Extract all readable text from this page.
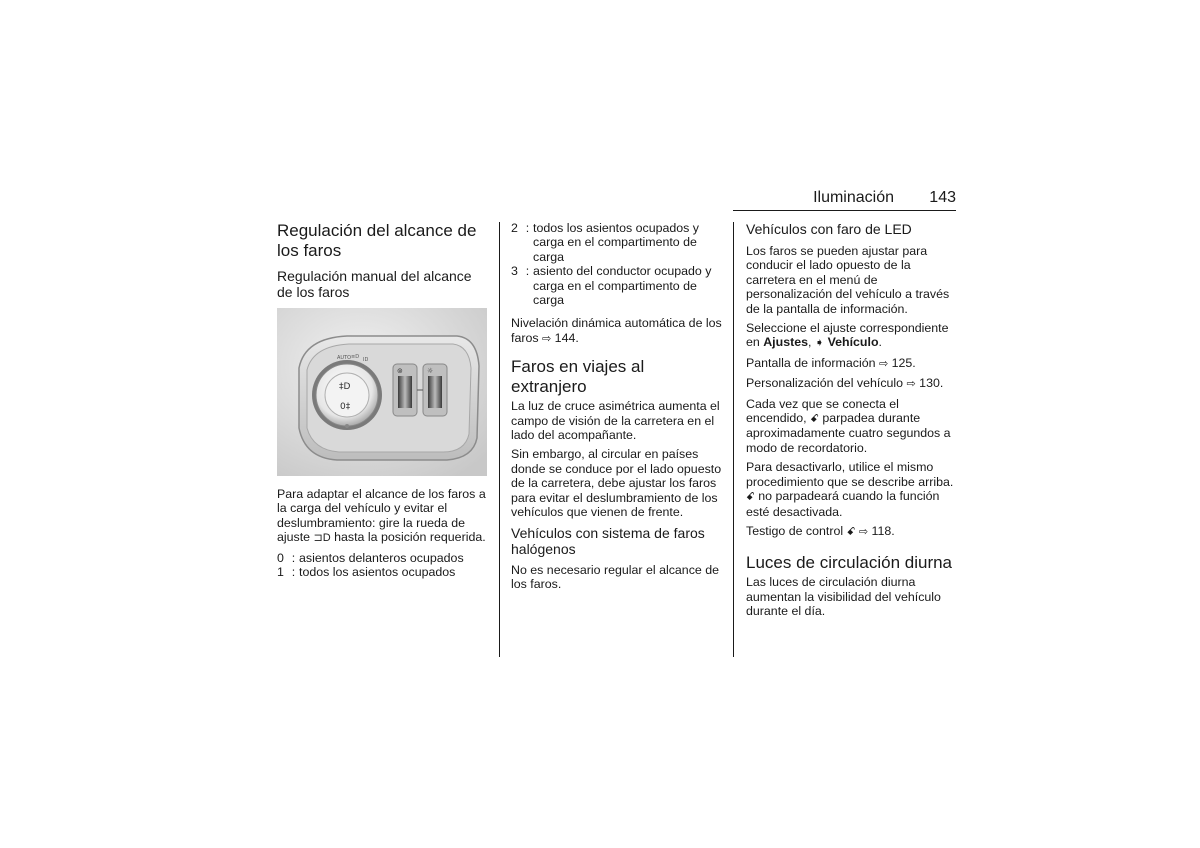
Iluminación	143
Regulación del alcance de los faros
Regulación manual del alcance de los faros
AUTO ≡D ID
‡D
0‡
⊚	☼

Para adaptar el alcance de los faros a la carga del vehículo y evitar el deslumbramiento: gire la rueda de ajuste ⊐D hasta la posición requerida.

0 : asientos delanteros ocupados
1 : todos los asientos ocupados
2 : todos los asientos ocupados y carga en el compartimento de carga
3 : asiento del conductor ocupado y carga en el compartimento de carga

Nivelación dinámica automática de los faros ⇨ 144.

Faros en viajes al extranjero

La luz de cruce asimétrica aumenta el campo de visión de la carretera en el lado del acompañante.

Sin embargo, al circular en países donde se conduce por el lado opuesto de la carretera, debe ajustar los faros para evitar el deslumbramiento de los vehículos que vienen de frente.

Vehículos con sistema de faros halógenos

No es necesario regular el alcance de los faros.

Vehículos con faro de LED

Los faros se pueden ajustar para conducir el lado opuesto de la carretera en el menú de personalización del vehículo a través de la pantalla de información.

Seleccione el ajuste correspondiente en Ajustes, ➧ Vehículo.

Pantalla de información ⇨ 125.

Personalización del vehículo ⇨ 130.

Cada vez que se conecta el encendido, ꗃ parpadea durante aproximadamente cuatro segundos a modo de recordatorio.

Para desactivarlo, utilice el mismo procedimiento que se describe arriba. ꗃ no parpadeará cuando la función esté desactivada.

Testigo de control ꗃ ⇨ 118.

Luces de circulación diurna

Las luces de circulación diurna aumentan la visibilidad del vehículo durante el día.
